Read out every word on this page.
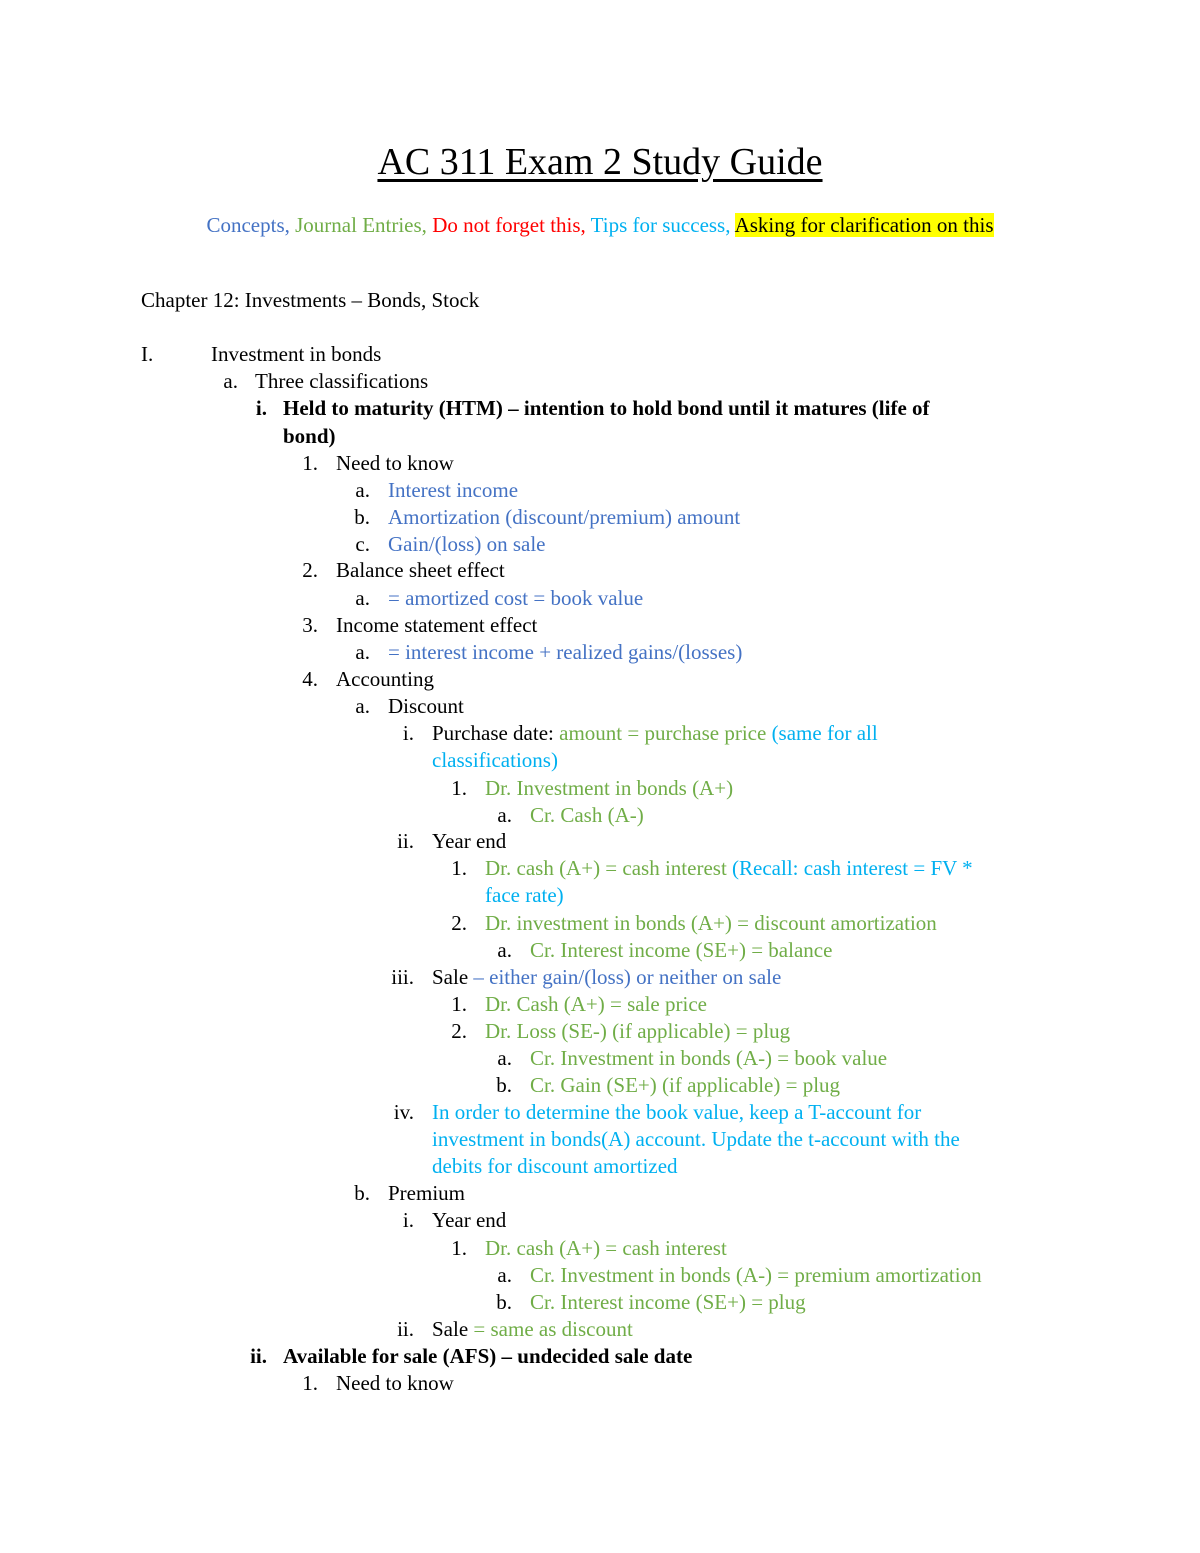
AC 311 Exam 2 Study Guide
Concepts, Journal Entries, Do not forget this, Tips for success, Asking for clarification on this
Chapter 12: Investments – Bonds, Stock
I.	Investment in bonds
a. Three classifications
i. Held to maturity (HTM) – intention to hold bond until it matures (life of
bond)
1. Need to know
a. Interest income
b. Amortization (discount/premium) amount
c. Gain/(loss) on sale
2. Balance sheet effect
a. = amortized cost = book value
3. Income statement effect
a. = interest income + realized gains/(losses)
4. Accounting
a. Discount
i. Purchase date: amount = purchase price (same for all
classifications)
1. Dr. Investment in bonds (A+)
a. Cr. Cash (A-)
ii. Year end
1. Dr. cash (A+) = cash interest (Recall: cash interest = FV *
face rate)
2. Dr. investment in bonds (A+) = discount amortization
a. Cr. Interest income (SE+) = balance
iii. Sale – either gain/(loss) or neither on sale
1. Dr. Cash (A+) = sale price
2. Dr. Loss (SE-) (if applicable) = plug
a. Cr. Investment in bonds (A-) = book value
b. Cr. Gain (SE+) (if applicable) = plug
iv. In order to determine the book value, keep a T-account for
investment in bonds(A) account. Update the t-account with the
debits for discount amortized
b. Premium
i. Year end
1. Dr. cash (A+) = cash interest
a. Cr. Investment in bonds (A-) = premium amortization
b. Cr. Interest income (SE+) = plug
ii. Sale = same as discount
ii. Available for sale (AFS) – undecided sale date
1. Need to know
